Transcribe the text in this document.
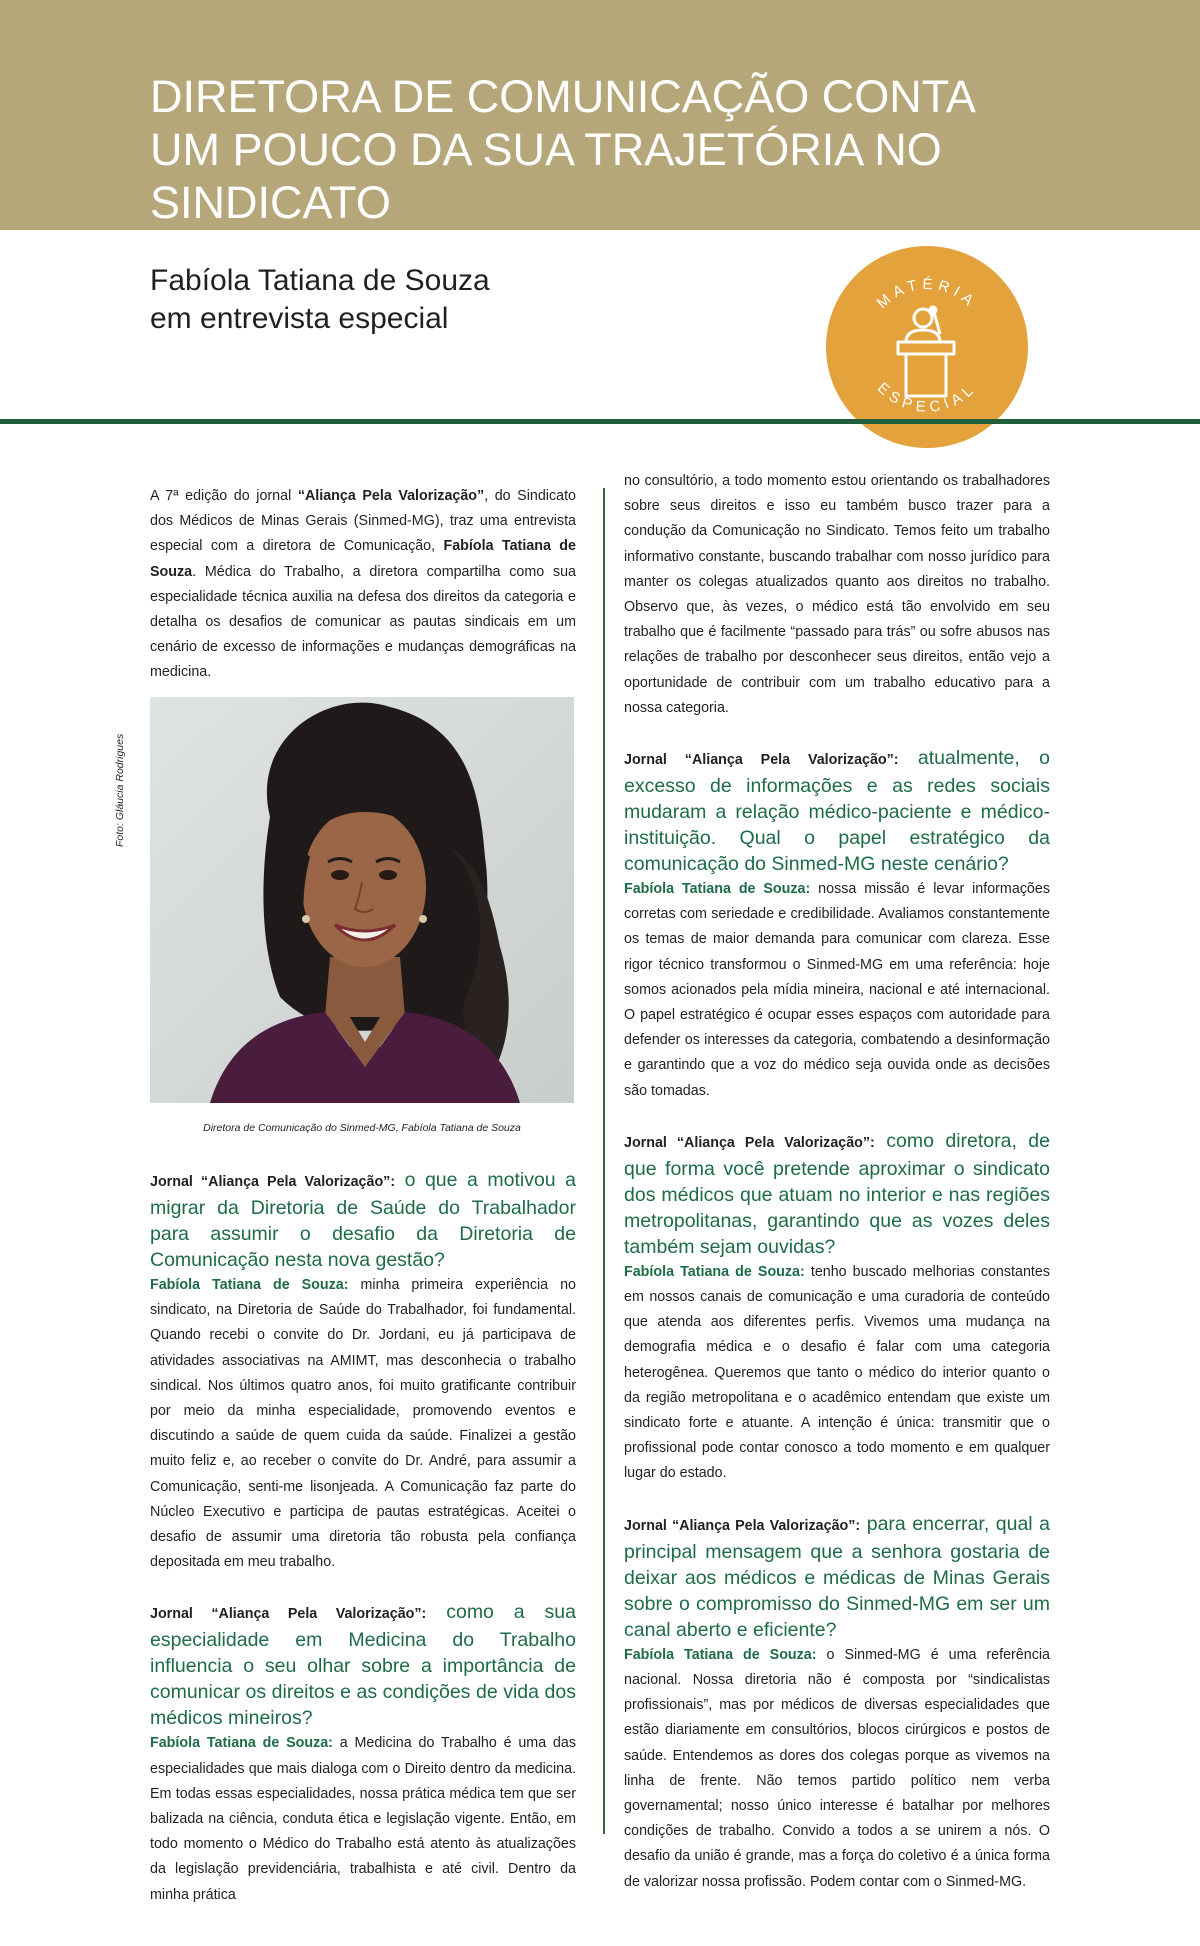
DIRETORA DE COMUNICAÇÃO CONTA UM POUCO DA SUA TRAJETÓRIA NO SINDICATO
Fabíola Tatiana de Souza
em entrevista especial
MATÉRIA
ESPECIAL
A 7ª edição do jornal “Aliança Pela Valorização”, do Sindicato dos Médicos de Minas Gerais (Sinmed-MG), traz uma entrevista especial com a diretora de Comunicação, Fabíola Tatiana de Souza. Médica do Trabalho, a diretora compartilha como sua especialidade técnica auxilia na defesa dos direitos da categoria e detalha os desafios de comunicar as pautas sindicais em um cenário de excesso de informações e mudanças demográficas na medicina.
Foto: Gláucia Rodrigues
Diretora de Comunicação do Sinmed-MG, Fabíola Tatiana de Souza
Jornal “Aliança Pela Valorização”: o que a motivou a migrar da Diretoria de Saúde do Trabalhador para assumir o desafio da Diretoria de Comunicação nesta nova gestão?
Fabíola Tatiana de Souza: minha primeira experiência no sindicato, na Diretoria de Saúde do Trabalhador, foi fundamental. Quando recebi o convite do Dr. Jordani, eu já participava de atividades associativas na AMIMT, mas desconhecia o trabalho sindical. Nos últimos quatro anos, foi muito gratificante contribuir por meio da minha especialidade, promovendo eventos e discutindo a saúde de quem cuida da saúde. Finalizei a gestão muito feliz e, ao receber o convite do Dr. André, para assumir a Comunicação, senti-me lisonjeada. A Comunicação faz parte do Núcleo Executivo e participa de pautas estratégicas. Aceitei o desafio de assumir uma diretoria tão robusta pela confiança depositada em meu trabalho.
Jornal “Aliança Pela Valorização”: como a sua especialidade em Medicina do Trabalho influencia o seu olhar sobre a importância de comunicar os direitos e as condições de vida dos médicos mineiros?
Fabíola Tatiana de Souza: a Medicina do Trabalho é uma das especialidades que mais dialoga com o Direito dentro da medicina. Em todas essas especialidades, nossa prática médica tem que ser balizada na ciência, conduta ética e legislação vigente. Então, em todo momento o Médico do Trabalho está atento às atualizações da legislação previdenciária, trabalhista e até civil. Dentro da minha prática
no consultório, a todo momento estou orientando os trabalhadores sobre seus direitos e isso eu também busco trazer para a condução da Comunicação no Sindicato. Temos feito um trabalho informativo constante, buscando trabalhar com nosso jurídico para manter os colegas atualizados quanto aos direitos no trabalho. Observo que, às vezes, o médico está tão envolvido em seu trabalho que é facilmente “passado para trás” ou sofre abusos nas relações de trabalho por desconhecer seus direitos, então vejo a oportunidade de contribuir com um trabalho educativo para a nossa categoria.
Jornal “Aliança Pela Valorização”: atualmente, o excesso de informações e as redes sociais mudaram a relação médico-paciente e médico-instituição. Qual o papel estratégico da comunicação do Sinmed-MG neste cenário?
Fabíola Tatiana de Souza: nossa missão é levar informações corretas com seriedade e credibilidade. Avaliamos constantemente os temas de maior demanda para comunicar com clareza. Esse rigor técnico transformou o Sinmed-MG em uma referência: hoje somos acionados pela mídia mineira, nacional e até internacional. O papel estratégico é ocupar esses espaços com autoridade para defender os interesses da categoria, combatendo a desinformação e garantindo que a voz do médico seja ouvida onde as decisões são tomadas.
Jornal “Aliança Pela Valorização”: como diretora, de que forma você pretende aproximar o sindicato dos médicos que atuam no interior e nas regiões metropolitanas, garantindo que as vozes deles também sejam ouvidas?
Fabíola Tatiana de Souza: tenho buscado melhorias constantes em nossos canais de comunicação e uma curadoria de conteúdo que atenda aos diferentes perfis. Vivemos uma mudança na demografia médica e o desafio é falar com uma categoria heterogênea. Queremos que tanto o médico do interior quanto o da região metropolitana e o acadêmico entendam que existe um sindicato forte e atuante. A intenção é única: transmitir que o profissional pode contar conosco a todo momento e em qualquer lugar do estado.
Jornal “Aliança Pela Valorização”: para encerrar, qual a principal mensagem que a senhora gostaria de deixar aos médicos e médicas de Minas Gerais sobre o compromisso do Sinmed-MG em ser um canal aberto e eficiente?
Fabíola Tatiana de Souza: o Sinmed-MG é uma referência nacional. Nossa diretoria não é composta por “sindicalistas profissionais”, mas por médicos de diversas especialidades que estão diariamente em consultórios, blocos cirúrgicos e postos de saúde. Entendemos as dores dos colegas porque as vivemos na linha de frente. Não temos partido político nem verba governamental; nosso único interesse é batalhar por melhores condições de trabalho. Convido a todos a se unirem a nós. O desafio da união é grande, mas a força do coletivo é a única forma de valorizar nossa profissão. Podem contar com o Sinmed-MG.
